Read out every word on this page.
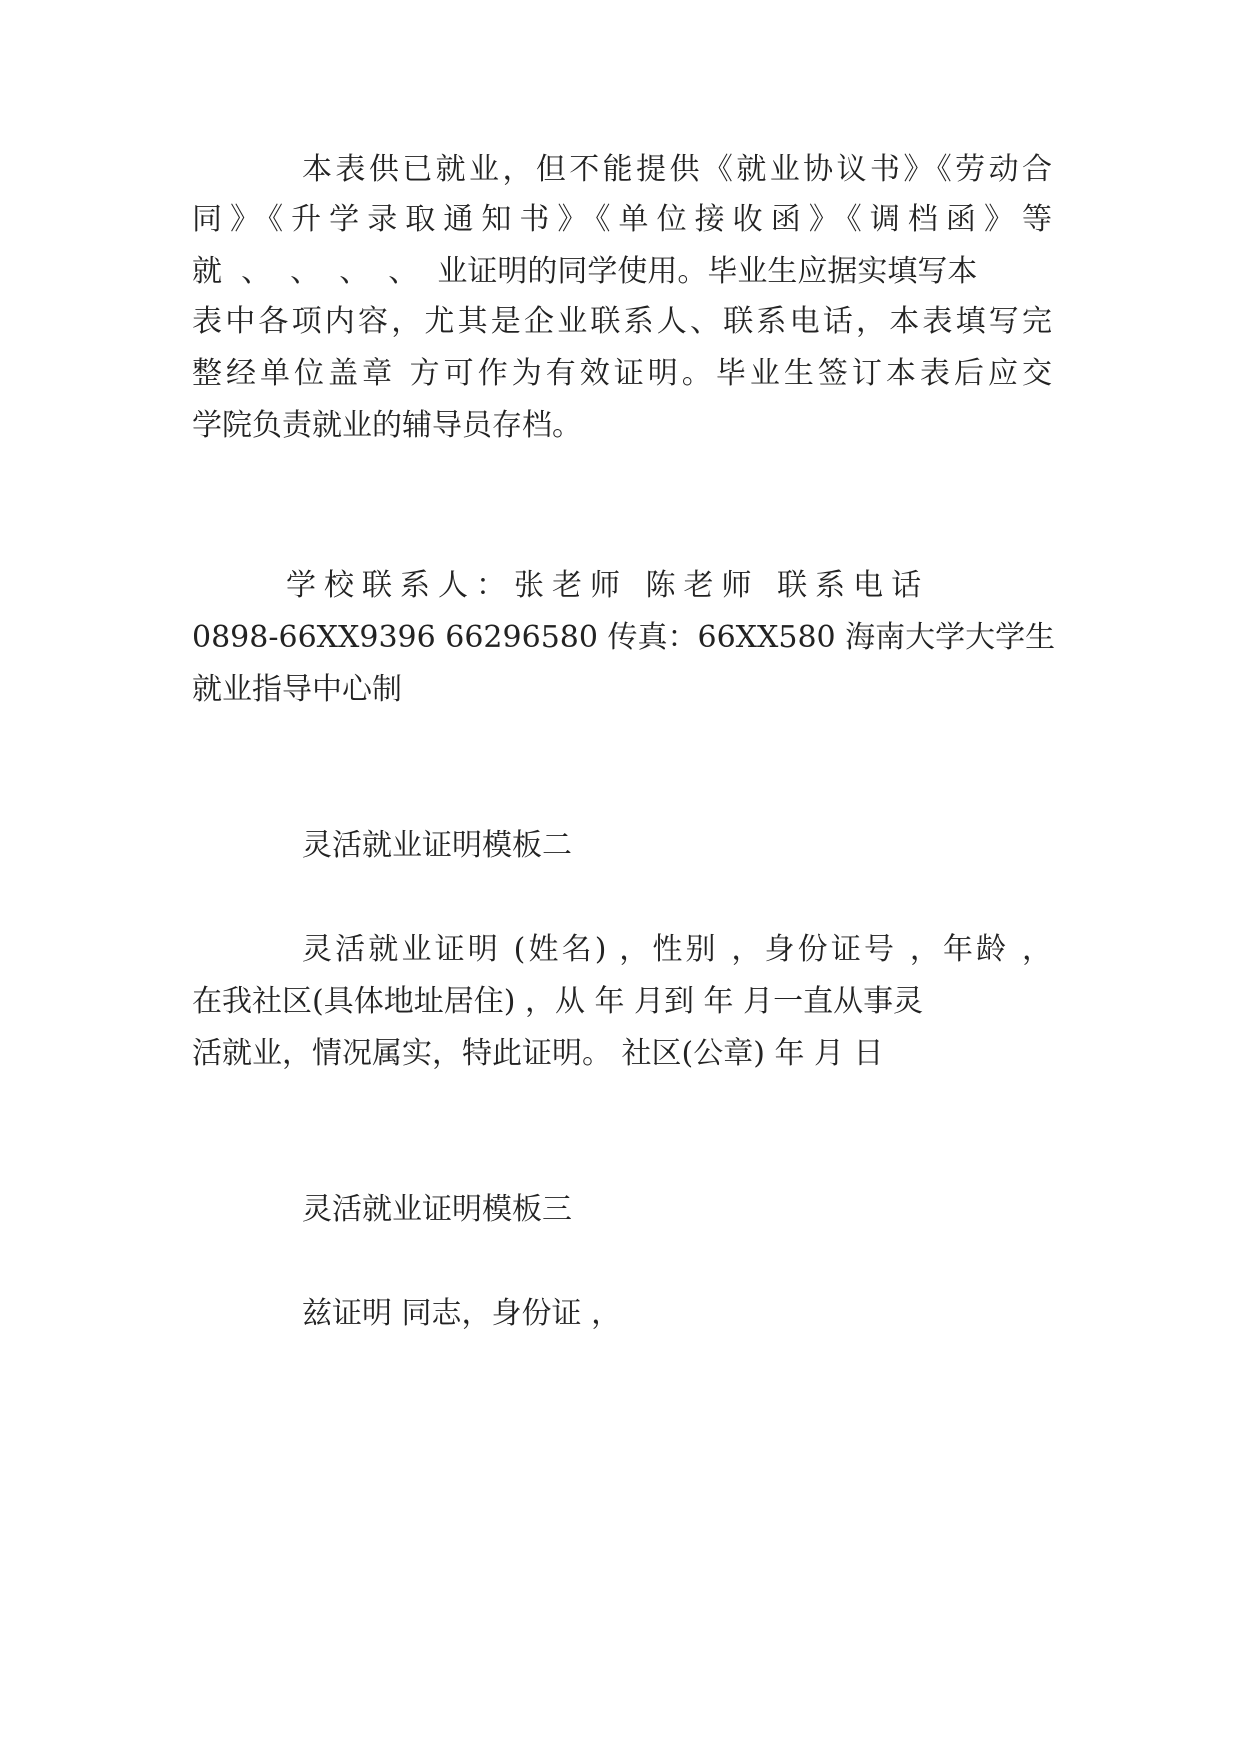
本表供已就业，但不能提供《就业协议书》《劳动合
同》《升学录取通知书》《单位接收函》《调档函》等
就  、  、  、  、  业证明的同学使用。毕业生应据实填写本
表中各项内容，尤其是企业联系人、联系电话，本表填写完
整经单位盖章 方可作为有效证明。毕业生签订本表后应交
学院负责就业的辅导员存档。
学校联系人：张老师 陈老师 联系电话
0898-66XX9396 66296580 传真：66XX580 海南大学大学生
就业指导中心制
灵活就业证明模板二
灵活就业证明 (姓名) ，性别 ，身份证号 ，年龄 ，
在我社区(具体地址居住) ，从 年 月到 年 月一直从事灵
活就业，情况属实，特此证明。 社区(公章) 年 月 日
灵活就业证明模板三
兹证明 同志，身份证 ，
